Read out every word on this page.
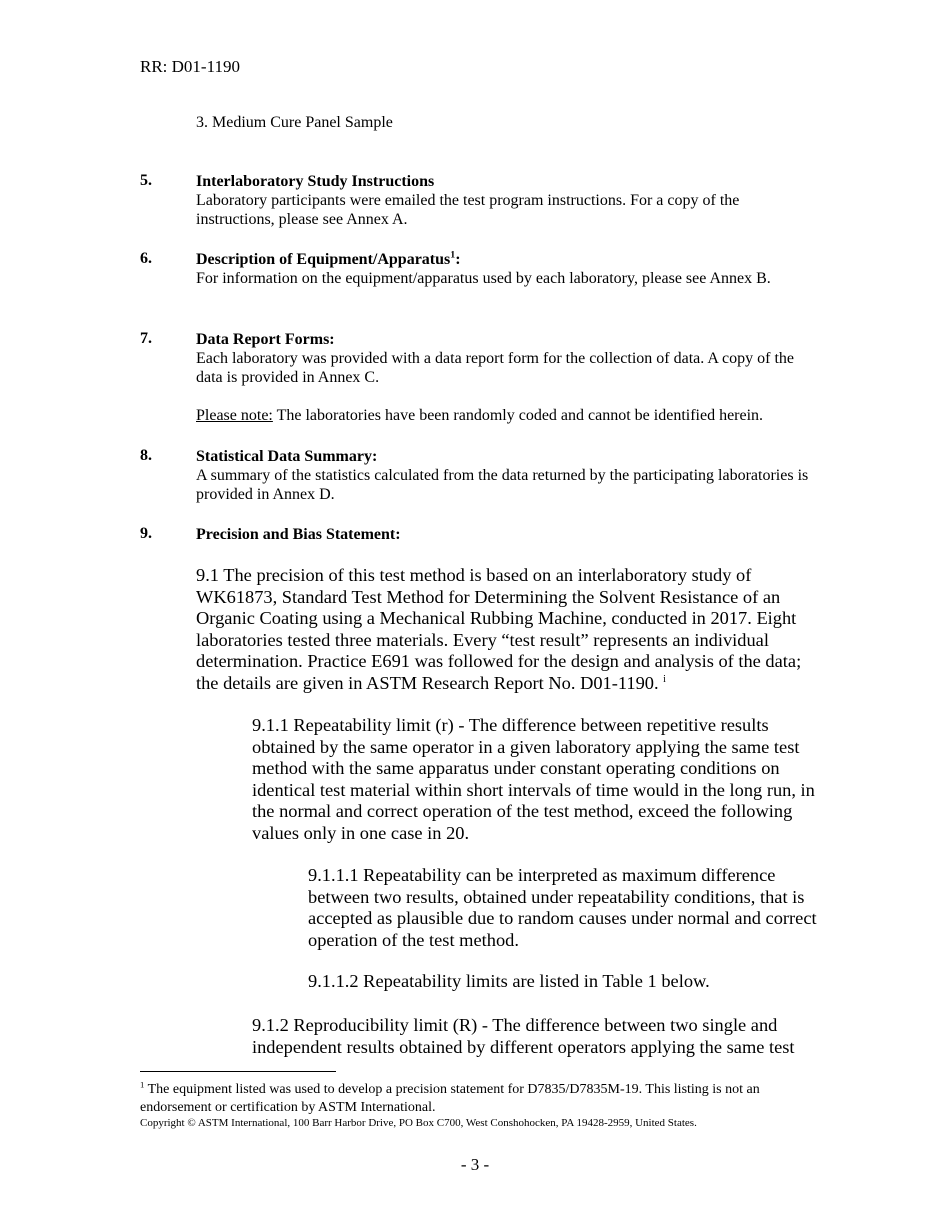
RR: D01-1190
3. Medium Cure Panel Sample
5.	Interlaboratory Study Instructions

Laboratory participants were emailed the test program instructions. For a copy of the instructions, please see Annex A.

6.	Description of Equipment/Apparatus$^1$:

For information on the equipment/apparatus used by each laboratory, please see Annex B.

7.	Data Report Forms:

Each laboratory was provided with a data report form for the collection of data. A copy of the data is provided in Annex C.

Please note: The laboratories have been randomly coded and cannot be identified herein.
8.	Statistical Data Summary:

A summary of the statistics calculated from the data returned by the participating laboratories is provided in Annex D.

9.	Precision and Bias Statement:

9.1 The precision of this test method is based on an interlaboratory study of WK61873, Standard Test Method for Determining the Solvent Resistance of an Organic Coating using a Mechanical Rubbing Machine, conducted in 2017. Eight laboratories tested three materials. Every “test result” represents an individual determination. Practice E691 was followed for the design and analysis of the data; the details are given in ASTM Research Report No. D01-1190. $^i$
9.1.1 Repeatability limit (r) - The difference between repetitive results obtained by the same operator in a given laboratory applying the same test method with the same apparatus under constant operating conditions on identical test material within short intervals of time would in the long run, in the normal and correct operation of the test method, exceed the following values only in one case in 20.
9.1.1.1 Repeatability can be interpreted as maximum difference between two results, obtained under repeatability conditions, that is accepted as plausible due to random causes under normal and correct operation of the test method.
9.1.1.2 Repeatability limits are listed in Table 1 below.
9.1.2 Reproducibility limit (R) - The difference between two single and independent results obtained by different operators applying the same test
$^1$ The equipment listed was used to develop a precision statement for D7835/D7835M-19. This listing is not an endorsement or certification by ASTM International.
Copyright © ASTM International, 100 Barr Harbor Drive, PO Box C700, West Conshohocken, PA 19428-2959, United States.
- 3 -
